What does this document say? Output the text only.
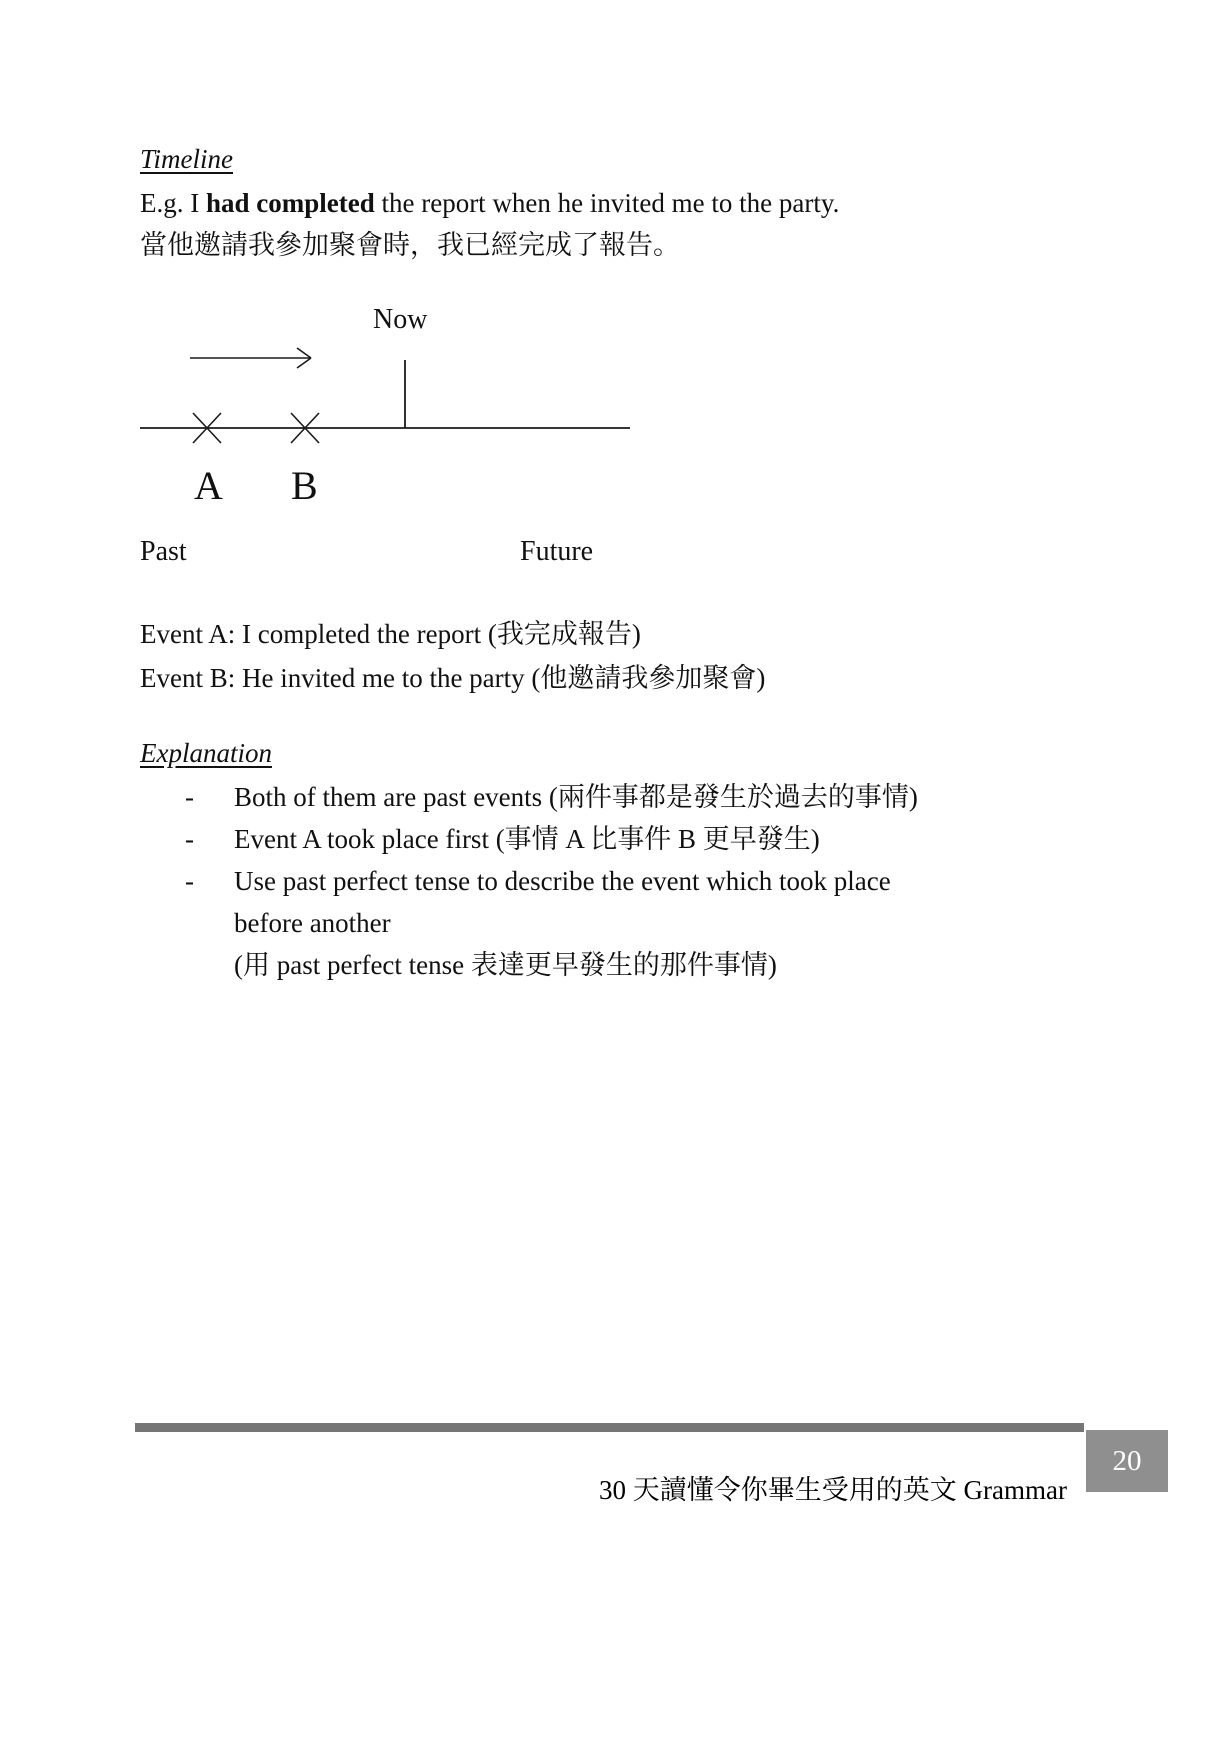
Timeline
E.g. I had completed the report when he invited me to the party.
當他邀請我參加聚會時，我已經完成了報告。
Now
A B
Past	Future
Event A: I completed the report (我完成報告)
Event B: He invited me to the party (他邀請我參加聚會)
Explanation
-	Both of them are past events (兩件事都是發生於過去的事情)
-	Event A took place first (事情 A 比事件 B 更早發生)
-	Use past perfect tense to describe the event which took place before another
(用 past perfect tense 表達更早發生的那件事情)
30 天讀懂令你畢生受用的英文 Grammar
20
